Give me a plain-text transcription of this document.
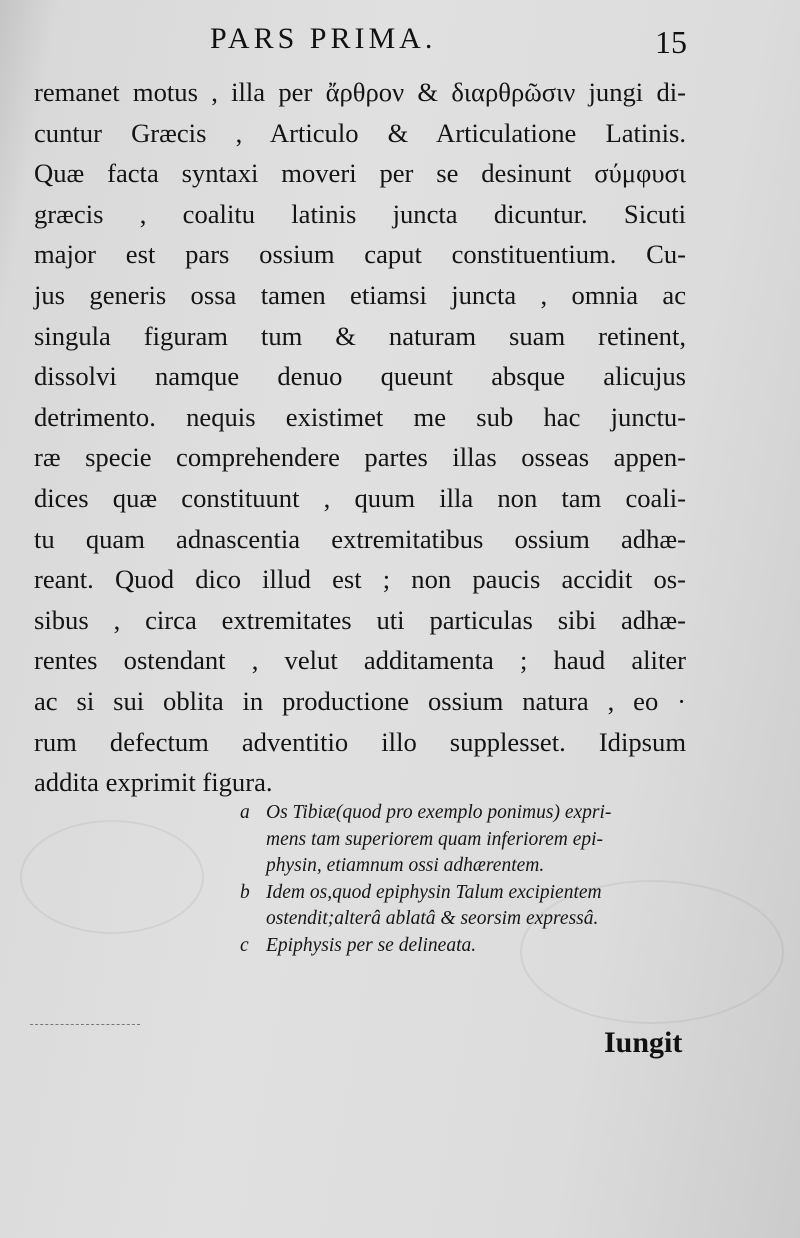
PARS PRIMA.	15
remanet motus , illa per ἄρθρον & διαρθρῶσιν jungi di-
cuntur Græcis , Articulo & Articulatione Latinis.
Quæ facta syntaxi moveri per se desinunt σύμφυσι
græcis , coalitu latinis juncta dicuntur. Sicuti
major est pars ossium caput constituentium. Cu-
jus generis ossa tamen etiamsi juncta , omnia ac
singula figuram tum & naturam suam retinent,
dissolvi namque denuo queunt absque alicujus
detrimento. nequis existimet me sub hac junctu-
ræ specie comprehendere partes illas osseas appen-
dices quæ constituunt , quum illa non tam coali-
tu quam adnascentia extremitatibus ossium adhæ-
reant. Quod dico illud est ; non paucis accidit os-
sibus , circa extremitates uti particulas sibi adhæ-
rentes ostendant , velut additamenta ; haud aliter
ac si sui oblita in productione ossium natura , eo ·
rum defectum adventitio illo supplesset. Idipsum
addita exprimit figura.
a Os Tibiæ(quod pro exemplo ponimus) expri-
mens tam superiorem quam inferiorem epi-
physin, etiamnum ossi adhærentem.
b Idem os,quod epiphysin Talum excipientem
ostendit;alterâ ablatâ & seorsim expressâ.
c Epiphysis per se delineata.
Iungit
